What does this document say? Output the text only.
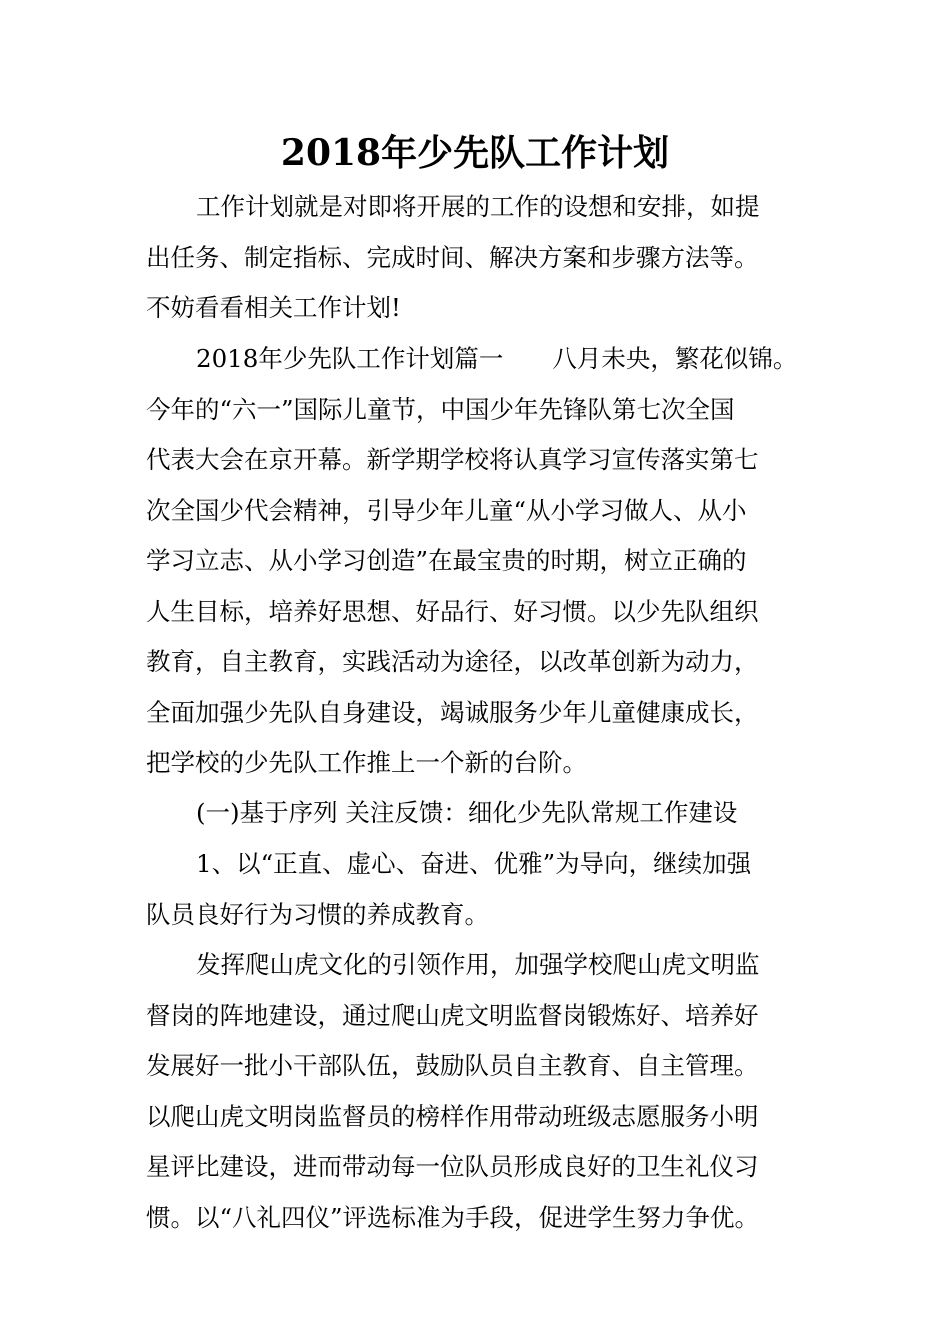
2018年少先队工作计划

工作计划就是对即将开展的工作的设想和安排，如提
出任务、制定指标、完成时间、解决方案和步骤方法等。
不妨看看相关工作计划!

2018年少先队工作计划篇一　　八月未央，繁花似锦。
今年的“六一”国际儿童节，中国少年先锋队第七次全国
代表大会在京开幕。新学期学校将认真学习宣传落实第七
次全国少代会精神，引导少年儿童“从小学习做人、从小
学习立志、从小学习创造”在最宝贵的时期，树立正确的
人生目标，培养好思想、好品行、好习惯。以少先队组织
教育，自主教育，实践活动为途径，以改革创新为动力，
全面加强少先队自身建设，竭诚服务少年儿童健康成长，
把学校的少先队工作推上一个新的台阶。

(一)基于序列 关注反馈：细化少先队常规工作建设

1、以“正直、虚心、奋进、优雅”为导向，继续加强
队员良好行为习惯的养成教育。

发挥爬山虎文化的引领作用，加强学校爬山虎文明监
督岗的阵地建设，通过爬山虎文明监督岗锻炼好、培养好
发展好一批小干部队伍，鼓励队员自主教育、自主管理。
以爬山虎文明岗监督员的榜样作用带动班级志愿服务小明
星评比建设，进而带动每一位队员形成良好的卫生礼仪习
惯。以“八礼四仪”评选标准为手段，促进学生努力争优。
